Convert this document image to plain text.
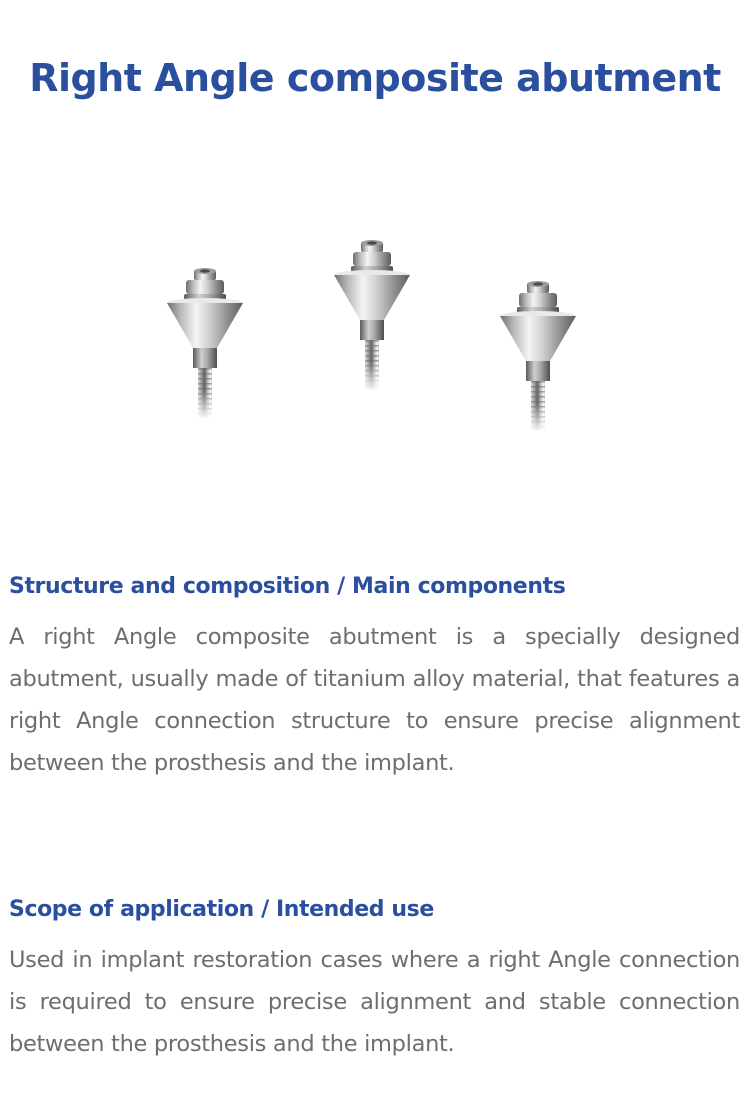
Right Angle composite abutment
Structure and composition / Main components

A right Angle composite abutment is a specially designed abutment, usually made of titanium alloy material, that features a right Angle connection structure to ensure precise alignment between the prosthesis and the implant.

Scope of application / Intended use

Used in implant restoration cases where a right Angle connection is required to ensure precise alignment and stable connection between the prosthesis and the implant.
